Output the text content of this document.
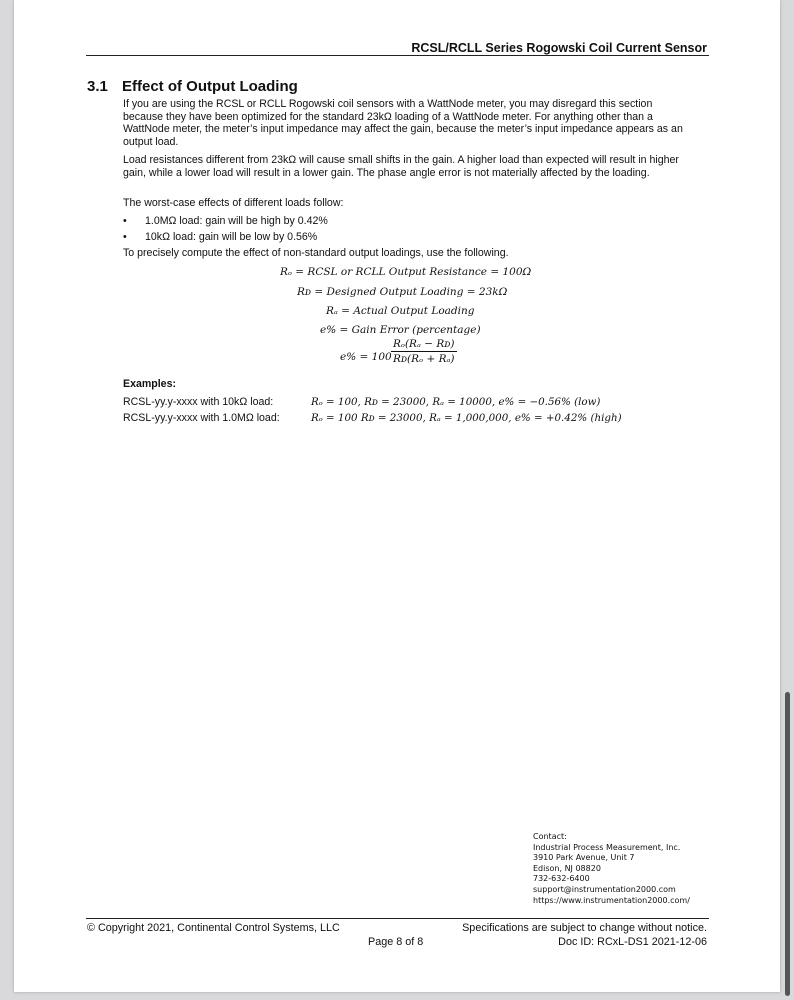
RCSL/RCLL Series Rogowski Coil Current Sensor
3.1 Effect of Output Loading
If you are using the RCSL or RCLL Rogowski coil sensors with a WattNode meter, you may disregard this section because they have been optimized for the standard 23kΩ loading of a WattNode meter. For anything other than a WattNode meter, the meter’s input impedance may affect the gain, because the meter’s input impedance appears as an output load.
Load resistances different from 23kΩ will cause small shifts in the gain. A higher load than expected will result in higher gain, while a lower load will result in a lower gain. The phase angle error is not materially affected by the loading.
The worst-case effects of different loads follow:
• 1.0MΩ load: gain will be high by 0.42%
• 10kΩ load: gain will be low by 0.56%
To precisely compute the effect of non-standard output loadings, use the following.
Rₒ = RCSL or RCLL Output Resistance = 100Ω
Rᴅ = Designed Output Loading = 23kΩ
Rₐ = Actual Output Loading
e% = Gain Error (percentage)
$e\% = 100 \frac{\text{Rₒ(Rₐ − Rᴅ)}}{\text{Rᴅ(Rₒ + Rₐ)}}$
Examples:
RCSL-yy.y-xxxx with 10kΩ load:	Rₒ = 100, Rᴅ = 23000, Rₐ = 10000, e% = −0.56% (low)
RCSL-yy.y-xxxx with 1.0MΩ load:	Rₒ = 100 Rᴅ = 23000, Rₐ = 1,000,000, e% = +0.42% (high)
Contact:
Industrial Process Measurement, Inc.
3910 Park Avenue, Unit 7
Edison, NJ 08820
732-632-6400
support@instrumentation2000.com
https://www.instrumentation2000.com/
© Copyright 2021, Continental Control Systems, LLC
Page 8 of 8
Specifications are subject to change without notice.
Doc ID: RCxL-DS1 2021-12-06
